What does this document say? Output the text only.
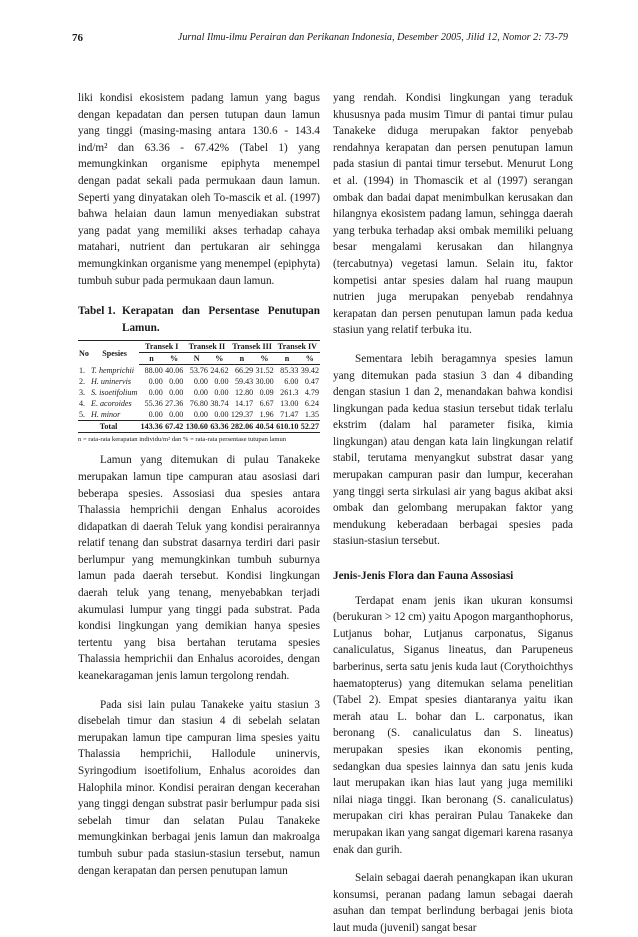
76	Jurnal Ilmu-ilmu Perairan dan Perikanan Indonesia, Desember 2005, Jilid 12, Nomor 2: 73-79

liki kondisi ekosistem padang lamun yang bagus dengan kepadatan dan persen tutupan daun lamun yang tinggi (masing-masing antara 130.6 - 143.4 ind/m² dan 63.36 - 67.42% (Tabel 1) yang memungkinkan organisme epiphyta menempel dengan padat sekali pada permukaan daun lamun. Seperti yang dinyatakan oleh To-mascik et al. (1997) bahwa helaian daun lamun menyediakan substrat yang padat yang memiliki akses terhadap cahaya matahari, nutrient dan pertukaran air sehingga memungkinkan organisme yang menempel (epiphyta) tumbuh subur pada permukaan daun lamun.

Tabel 1. Kerapatan dan Persentase Penutupan Lamun.
No	Spesies	Transek I		Transek II		Transek III		Transek IV	
		n	%	N	%	n	%	n	%
1.	T. hemprichii	88.00	40.06	53.76	24.62	66.29	31.52	85.33	39.42
2.	H. uninervis	0.00	0.00	0.00	0.00	59.43	30.00	6.00	0.47
3.	S. isoetifolium	0.00	0.00	0.00	0.00	12.80	0.09	261.3	4.79
4.	E. acoroides	55.36	27.36	76.80	38.74	14.17	6.67	13.00	6.24
5.	H. minor	0.00	0.00	0.00	0.00	129.37	1.96	71.47	1.35
Total		143.36	67.42	130.60	63.36	282.06	40.54	610.10	52.27

n = rata-rata kerapatan individu/m² dan % = rata-rata persentase tutupan lamun

Lamun yang ditemukan di pulau Tanakeke merupakan lamun tipe campuran atau asosiasi dari beberapa spesies. Assosiasi dua spesies antara Thalassia hemprichii dengan Enhalus acoroides didapatkan di daerah Teluk yang kondisi perairannya relatif tenang dan substrat dasarnya terdiri dari pasir berlumpur yang memungkinkan tumbuh suburnya lamun pada daerah tersebut. Kondisi lingkungan daerah teluk yang tenang, menyebabkan terjadi akumulasi lumpur yang tinggi pada substrat. Pada kondisi lingkungan yang demikian hanya spesies tertentu yang bisa bertahan terutama spesies Thalassia hemprichii dan Enhalus acoroides, dengan keanekaragaman jenis lamun tergolong rendah.

Pada sisi lain pulau Tanakeke yaitu stasiun 3 disebelah timur dan stasiun 4 di sebelah selatan merupakan lamun tipe campuran lima spesies yaitu Thalassia hemprichii, Hallodule uninervis, Syringodium isoetifolium, Enhalus acoroides dan Halophila minor. Kondisi perairan dengan kecerahan yang tinggi dengan substrat pasir berlumpur pada sisi sebelah timur dan selatan Pulau Tanakeke memungkinkan berbagai jenis lamun dan makroalga tumbuh subur pada stasiun-stasiun tersebut, namun dengan kerapatan dan persen penutupan lamun

yang rendah. Kondisi lingkungan yang teraduk khususnya pada musim Timur di pantai timur pulau Tanakeke diduga merupakan faktor penyebab rendahnya kerapatan dan persen penutupan lamun pada stasiun di pantai timur tersebut. Menurut Long et al. (1994) in Thomascik et al (1997) serangan ombak dan badai dapat menimbulkan kerusakan dan hilangnya ekosistem padang lamun, sehingga daerah yang terbuka terhadap aksi ombak memiliki peluang besar mengalami kerusakan dan hilangnya (tercabutnya) vegetasi lamun. Selain itu, faktor kompetisi antar spesies dalam hal ruang maupun nutrien juga merupakan penyebab rendahnya kerapatan dan persen penutupan lamun pada kedua stasiun yang relatif terbuka itu.

Sementara lebih beragamnya spesies lamun yang ditemukan pada stasiun 3 dan 4 dibanding dengan stasiun 1 dan 2, menandakan bahwa kondisi lingkungan pada kedua stasiun tersebut tidak terlalu ekstrim (dalam hal parameter fisika, kimia lingkungan) atau dengan kata lain lingkungan relatif stabil, terutama menyangkut substrat dasar yang merupakan campuran pasir dan lumpur, kecerahan yang tinggi serta sirkulasi air yang bagus akibat aksi ombak dan gelombang merupakan faktor yang mendukung keberadaan berbagai spesies pada stasiun-stasiun tersebut.

Jenis-Jenis Flora dan Fauna Assosiasi

Terdapat enam jenis ikan ukuran konsumsi (berukuran > 12 cm) yaitu Apogon marganthophorus, Lutjanus bohar, Lutjanus carponatus, Siganus canaliculatus, Siganus lineatus, dan Parupeneus barberinus, serta satu jenis kuda laut (Corythoichthys haematopterus) yang ditemukan selama penelitian (Tabel 2). Empat spesies diantaranya yaitu ikan merah atau L. bohar dan L. carponatus, ikan beronang (S. canaliculatus dan S. lineatus) merupakan spesies ikan ekonomis penting, sedangkan dua spesies lainnya dan satu jenis kuda laut merupakan ikan hias laut yang juga memiliki nilai niaga tinggi. Ikan beronang (S. canaliculatus) merupakan ciri khas perairan Pulau Tanakeke dan merupakan ikan yang sangat digemari karena rasanya enak dan gurih.

Selain sebagai daerah penangkapan ikan ukuran konsumsi, peranan padang lamun sebagai daerah asuhan dan tempat berlindung berbagai jenis biota laut muda (juvenil) sangat besar
